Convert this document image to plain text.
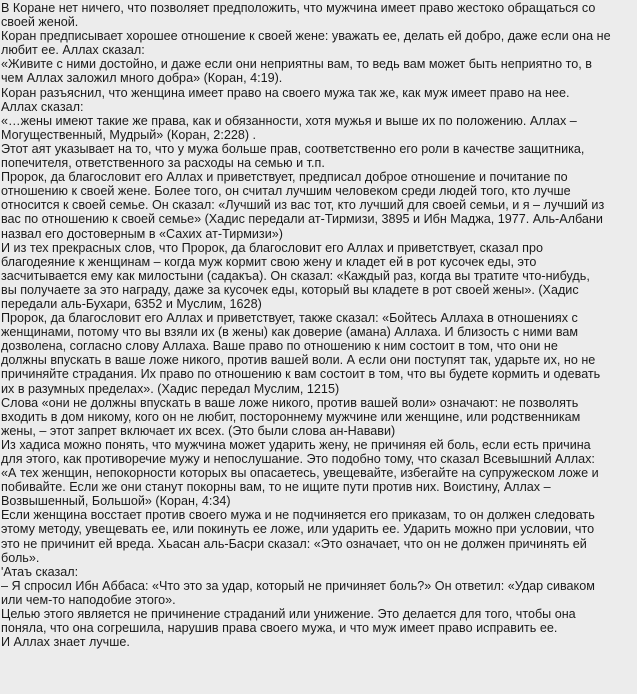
В Коране нет ничего, что позволяет предположить, что мужчина имеет право жестоко обращаться со
своей женой.
Коран предписывает хорошее отношение к своей жене: уважать ее, делать ей добро, даже если она не
любит ее. Аллах сказал:
«Живите с ними достойно, и даже если они неприятны вам, то ведь вам может быть неприятно то, в
чем Аллах заложил много добра» (Коран, 4:19).
Коран разъяснил, что женщина имеет право на своего мужа так же, как муж имеет право на нее.
Аллах сказал:
«…жены имеют такие же права, как и обязанности, хотя мужья и выше их по положению. Аллах –
Могущественный, Мудрый» (Коран, 2:228) .
Этот аят указывает на то, что у мужа больше прав, соответственно его роли в качестве защитника,
попечителя, ответственного за расходы на семью и т.п.
Пророк, да благословит его Аллах и приветствует, предписал доброе отношение и почитание по
отношению к своей жене. Более того, он считал лучшим человеком среди людей того, кто лучше
относится к своей семье. Он сказал: «Лучший из вас тот, кто лучший для своей семьи, и я – лучший из
вас по отношению к своей семье» (Хадис передали ат-Тирмизи, 3895 и Ибн Маджа, 1977. Аль-Албани
назвал его достоверным в «Сахих ат-Тирмизи»)
И из тех прекрасных слов, что Пророк, да благословит его Аллах и приветствует, сказал про
благодеяние к женщинам – когда муж кормит свою жену и кладет ей в рот кусочек еды, это
засчитывается ему как милостыни (садакъа). Он сказал: «Каждый раз, когда вы тратите что-нибудь,
вы получаете за это награду, даже за кусочек еды, который вы кладете в рот своей жены». (Хадис
передали аль-Бухари, 6352 и Муслим, 1628)
Пророк, да благословит его Аллах и приветствует, также сказал: «Бойтесь Аллаха в отношениях с
женщинами, потому что вы взяли их (в жены) как доверие (амана) Аллаха. И близость с ними вам
дозволена, согласно слову Аллаха. Ваше право по отношению к ним состоит в том, что они не
должны впускать в ваше ложе никого, против вашей воли. А если они поступят так, ударьте их, но не
причиняйте страдания. Их право по отношению к вам состоит в том, что вы будете кормить и одевать
их в разумных пределах». (Хадис передал Муслим, 1215)
Слова «они не должны впускать в ваше ложе никого, против вашей воли» означают: не позволять
входить в дом никому, кого он не любит, постороннему мужчине или женщине, или родственникам
жены, – этот запрет включает их всех. (Это были слова ан-Навави)
Из хадиса можно понять, что мужчина может ударить жену, не причиняя ей боль, если есть причина
для этого, как противоречие мужу и непослушание. Это подобно тому, что сказал Всевышний Аллах:
«А тех женщин, непокорности которых вы опасаетесь, увещевайте, избегайте на супружеском ложе и
побивайте. Если же они станут покорны вам, то не ищите пути против них. Воистину, Аллах –
Возвышенный, Большой» (Коран, 4:34)
Если женщина восстает против своего мужа и не подчиняется его приказам, то он должен следовать
этому методу, увещевать ее, или покинуть ее ложе, или ударить ее. Ударить можно при условии, что
это не причинит ей вреда. Хьасан аль-Басри сказал: «Это означает, что он не должен причинять ей
боль».
'Атаъ сказал:
– Я спросил Ибн Аббаса: «Что это за удар, который не причиняет боль?» Он ответил: «Удар сиваком
или чем-то наподобие этого».
Целью этого является не причинение страданий или унижение. Это делается для того, чтобы она
поняла, что она согрешила, нарушив права своего мужа, и что муж имеет право исправить ее.
И Аллах знает лучше.
